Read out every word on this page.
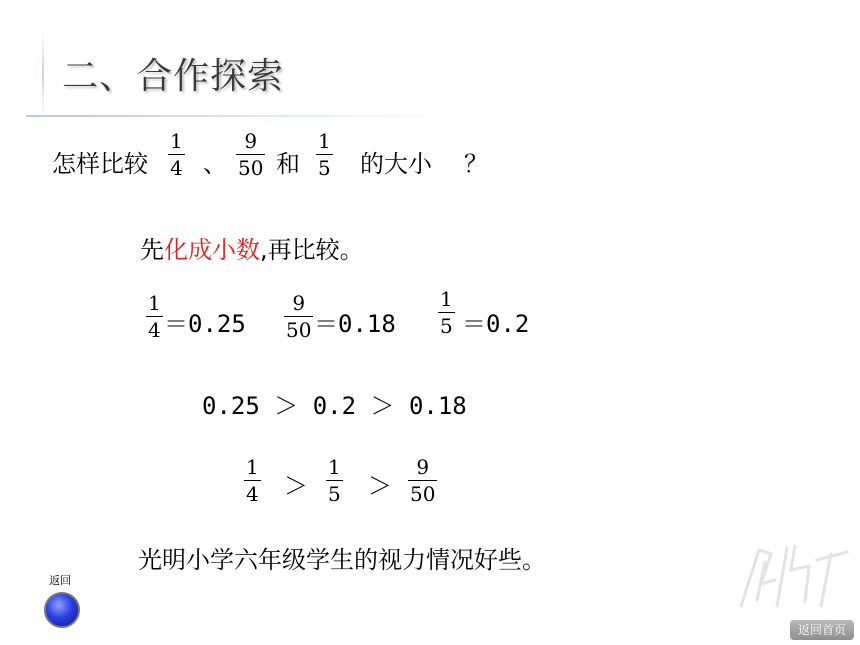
二、合作探索
怎样比较
1
4 、
9
50 和
1
5 的大小 ？
先化成小数,再比较。
1
4 ＝0.25
9
50 ＝0.18
1
5 ＝0.2
0.25 ＞ 0.2 ＞ 0.18
1
4 ＞
1
5 ＞
9
50
光明小学六年级学生的视力情况好些。
返回
返回首页
